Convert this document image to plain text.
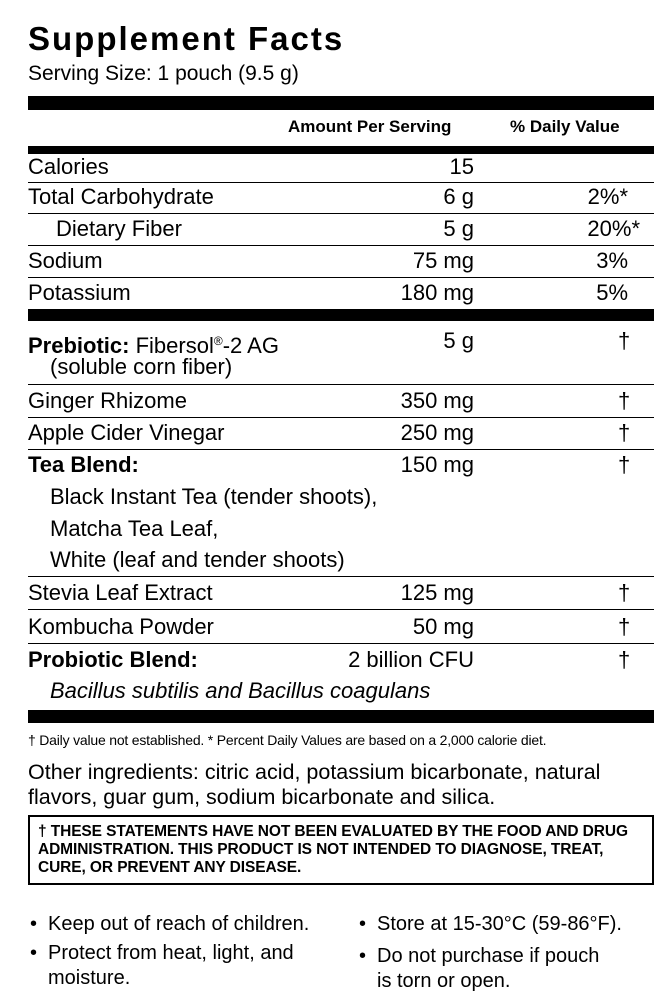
Supplement Facts
Serving Size: 1 pouch (9.5 g)
Amount Per Serving	% Daily Value
Calories	15
Total Carbohydrate	6 g	2%*
Dietary Fiber	5 g	20%*
Sodium	75 mg	3%
Potassium	180 mg	5%
Prebiotic: Fibersol®-2 AG	5 g	†
(soluble corn fiber)
Ginger Rhizome	350 mg	†
Apple Cider Vinegar	250 mg	†
Tea Blend:	150 mg	†
Black Instant Tea (tender shoots),
Matcha Tea Leaf,
White (leaf and tender shoots)
Stevia Leaf Extract	125 mg	†
Kombucha Powder	50 mg	†
Probiotic Blend:	2 billion CFU	†
Bacillus subtilis and Bacillus coagulans
† Daily value not established. * Percent Daily Values are based on a 2,000 calorie diet.
Other ingredients: citric acid, potassium bicarbonate, natural flavors, guar gum, sodium bicarbonate and silica.
† THESE STATEMENTS HAVE NOT BEEN EVALUATED BY THE FOOD AND DRUG ADMINISTRATION. THIS PRODUCT IS NOT INTENDED TO DIAGNOSE, TREAT, CURE, OR PREVENT ANY DISEASE.
• Keep out of reach of children. • Store at 15-30°C (59-86°F).
• Protect from heat, light, and
moisture.
• Do not purchase if pouch
is torn or open.
